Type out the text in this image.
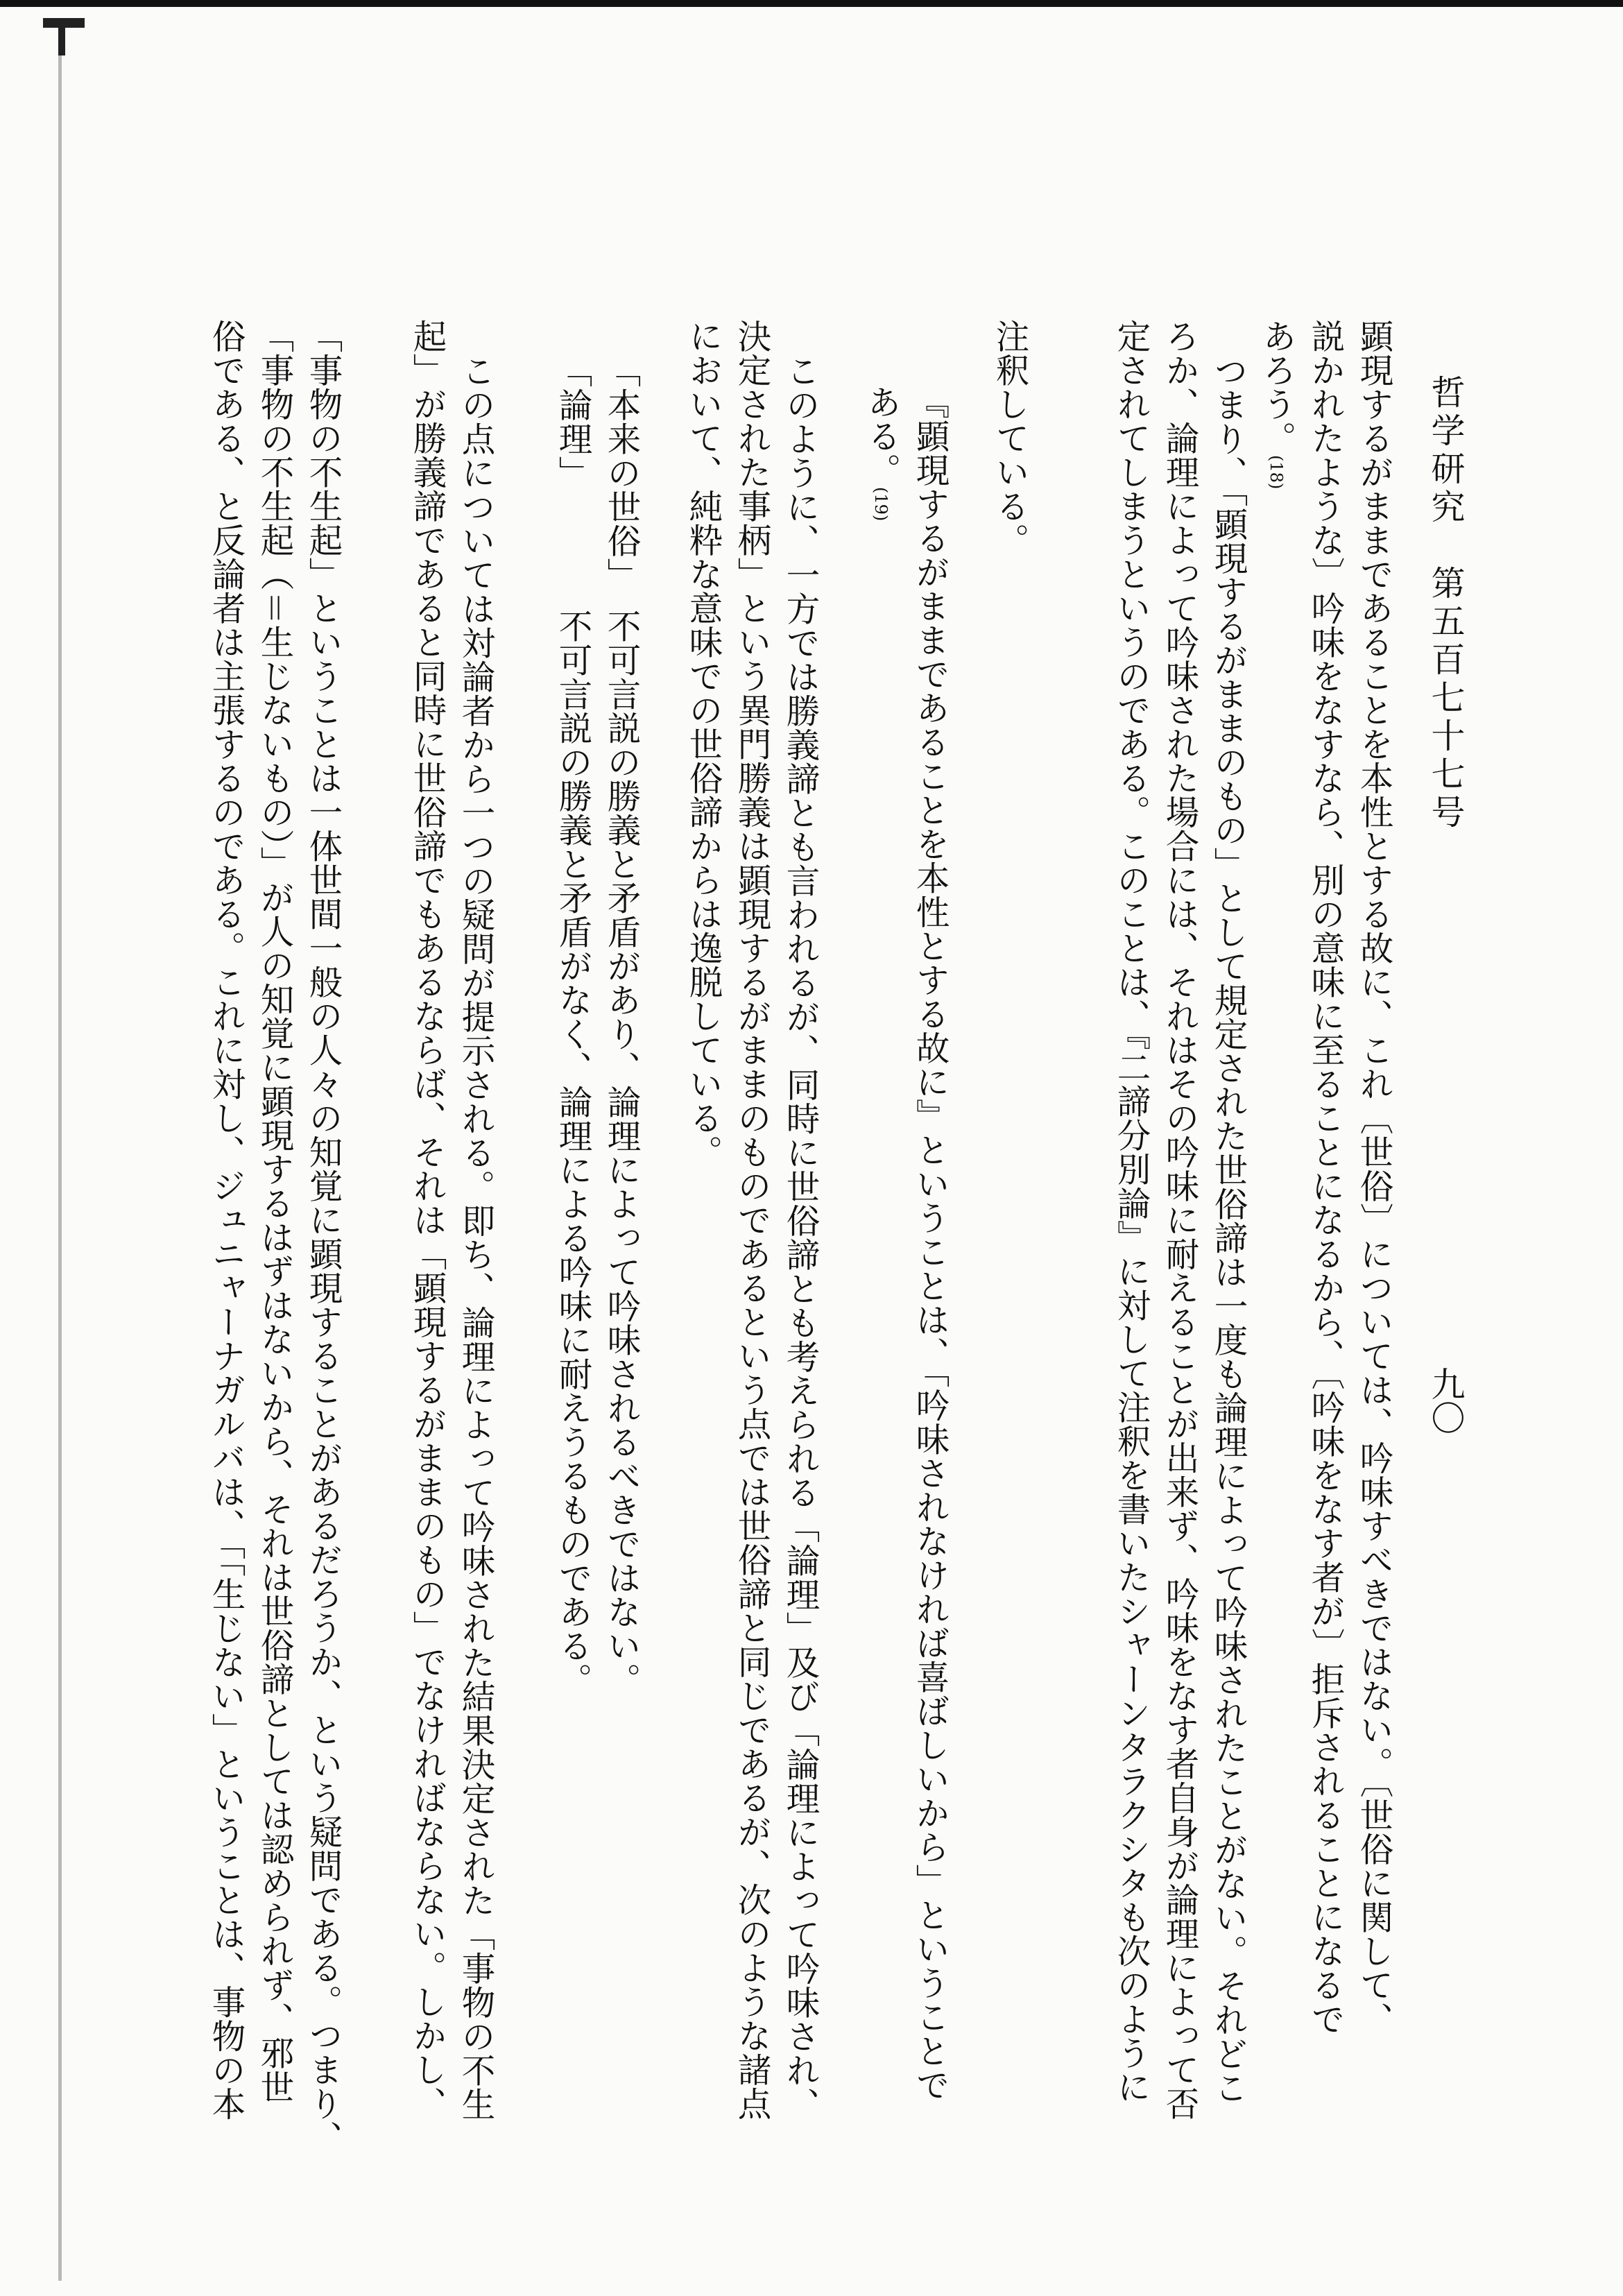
哲学研究　第五百七十七号
九〇
顕現するがままであることを本性とする故に、これ〔世俗〕については、吟味すべきではない。〔世俗に関して、
説かれたような〕吟味をなすなら、別の意味に至ることになるから、〔吟味をなす者が〕拒斥されることになるで
あろう。(18)
つまり、「顕現するがままのもの」として規定された世俗諦は一度も論理によって吟味されたことがない。それどこ
ろか、論理によって吟味された場合には、それはその吟味に耐えることが出来ず、吟味をなす者自身が論理によって否
定されてしまうというのである。このことは、『二諦分別論』に対して注釈を書いたシャーンタラクシタも次のように
注釈している。
『顕現するがままであることを本性とする故に』ということは、「吟味されなければ喜ばしいから」ということで
ある。(19)
このように、一方では勝義諦とも言われるが、同時に世俗諦とも考えられる「論理」及び「論理によって吟味され、
決定された事柄」という異門勝義は顕現するがままのものであるという点では世俗諦と同じであるが、次のような諸点
において、純粋な意味での世俗諦からは逸脱している。
「本来の世俗」　不可言説の勝義と矛盾があり、論理によって吟味されるべきではない。
「論理」　　　　不可言説の勝義と矛盾がなく、論理による吟味に耐えうるものである。
この点については対論者から一つの疑問が提示される。即ち、論理によって吟味された結果決定された「事物の不生
起」が勝義諦であると同時に世俗諦でもあるならば、それは「顕現するがままのもの」でなければならない。しかし、
「事物の不生起」ということは一体世間一般の人々の知覚に顕現することがあるだろうか、という疑問である。つまり、
「事物の不生起（＝生じないもの）」が人の知覚に顕現するはずはないから、それは世俗諦としては認められず、邪世
俗である、と反論者は主張するのである。これに対し、ジュニャーナガルバは、「「生じない」ということは、事物の本
